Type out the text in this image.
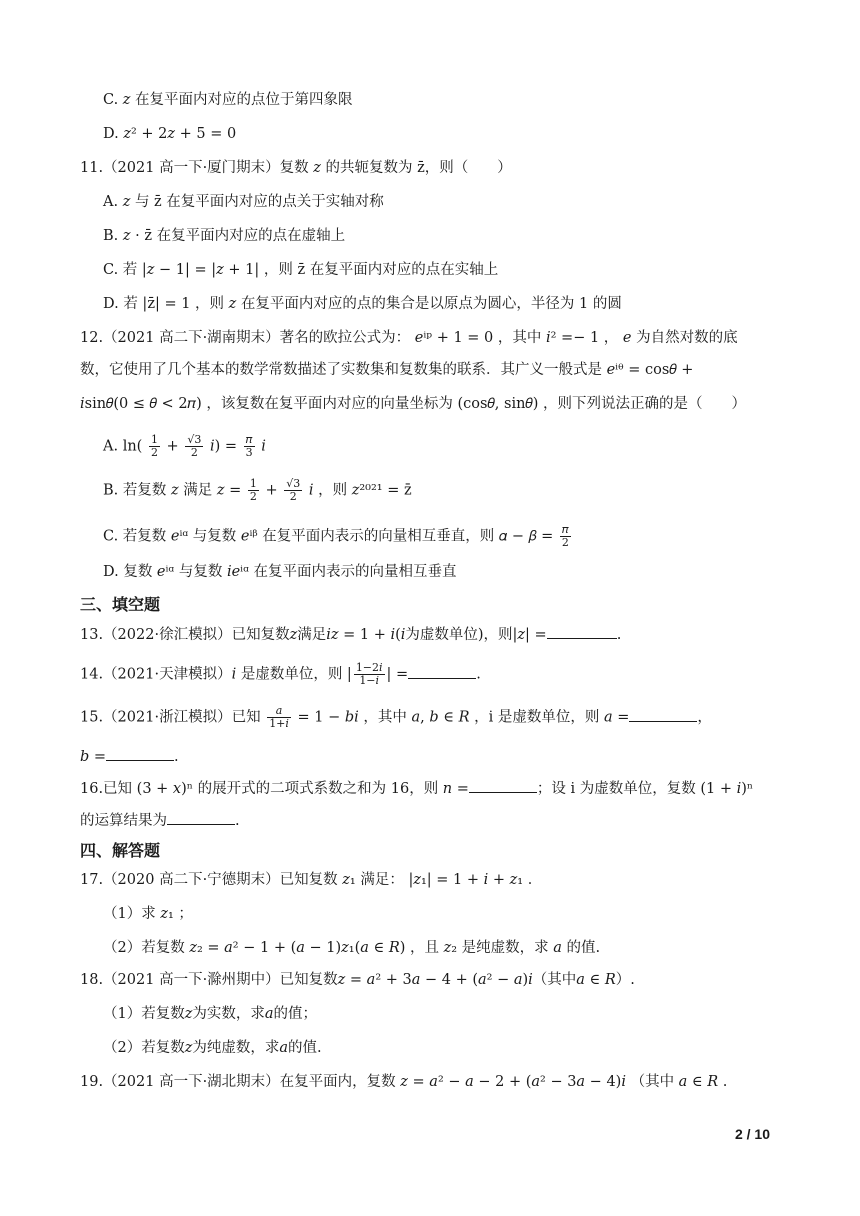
C. 𝑧 在复平面内对应的点位于第四象限
D. 𝑧² + 2𝑧 + 5 = 0
11.（2021 高一下·厦门期末）复数 𝑧 的共轭复数为 z̄，则（　　）
A. 𝑧 与 z̄ 在复平面内对应的点关于实轴对称
B. 𝑧 · z̄ 在复平面内对应的点在虚轴上
C. 若 |𝑧 − 1| = |𝑧 + 1| ，则 z̄ 在复平面内对应的点在实轴上
D. 若 |z̄| = 1 ，则 𝑧 在复平面内对应的点的集合是以原点为圆心，半径为 1 的圆
12.（2021 高二下·湖南期末）著名的欧拉公式为： 𝑒ⁱᵖ + 1 = 0 ，其中 𝑖² =− 1 ， 𝑒 为自然对数的底
数，它使用了几个基本的数学常数描述了实数集和复数集的联系．其广义一般式是 𝑒ⁱᶿ = cos𝜃 +
𝑖sin𝜃(0 ≤ 𝜃 < 2𝜋) ，该复数在复平面内对应的向量坐标为 (cos𝜃, sin𝜃) ，则下列说法正确的是（　　）
A. $\ln( \frac{1}{2} + \frac{√3}{2}$ 𝑖) = $\frac{\text{𝜋}}{3}$ 𝑖
B. 若复数 𝑧 满足 𝑧 = $\frac{1}{2} + \frac{√3}{2}$ 𝑖 ，则 𝑧²⁰²¹ = z̄
C. 若复数 𝑒ⁱᵅ 与复数 𝑒ⁱᵝ 在复平面内表示的向量相互垂直，则 𝛼 − 𝛽 = $\frac{\text{𝜋}}{2}$
D. 复数 𝑒ⁱᵅ 与复数 𝑖𝑒ⁱᵅ 在复平面内表示的向量相互垂直
三、填空题
13.（2022·徐汇模拟）已知复数𝑧满足𝑖𝑧 = 1 + 𝑖(𝑖为虚数单位)，则|𝑧| =	.
14.（2021·天津模拟）𝑖 是虚数单位，则 | $\frac{\text{1−2𝑖}}{\text{1−𝑖}}$ | =	.
15.（2021·浙江模拟）已知 $\frac{\text{𝑎}}{\text{1+𝑖}} = 1$ − 𝑏𝑖 ，其中 𝑎, 𝑏 ∈ 𝑅 ，i 是虚数单位，则 𝑎 =	，
𝑏 =	.
16.已知 (3 + 𝑥)ⁿ 的展开式的二项式系数之和为 16，则 𝑛 =	；设 i 为虚数单位，复数 (1 + 𝑖)ⁿ
的运算结果为	.
四、解答题
17.（2020 高二下·宁德期末）已知复数 𝑧₁ 满足： |𝑧₁| = 1 + 𝑖 + 𝑧₁ ．
（1）求 𝑧₁ ；
（2）若复数 𝑧₂ = 𝑎² − 1 + (𝑎 − 1)𝑧₁(𝑎 ∈ 𝑅) ，且 𝑧₂ 是纯虚数，求 𝑎 的值.
18.（2021 高一下·滁州期中）已知复数𝑧 = 𝑎² + 3𝑎 − 4 + (𝑎² − 𝑎)𝑖（其中𝑎 ∈ 𝑅）.
（1）若复数𝑧为实数，求𝑎的值；
（2）若复数𝑧为纯虚数，求𝑎的值.
19.（2021 高一下·湖北期末）在复平面内，复数 𝑧 = 𝑎² − 𝑎 − 2 + (𝑎² − 3𝑎 − 4)𝑖 （其中 𝑎 ∈ 𝑅 .
2 / 10
